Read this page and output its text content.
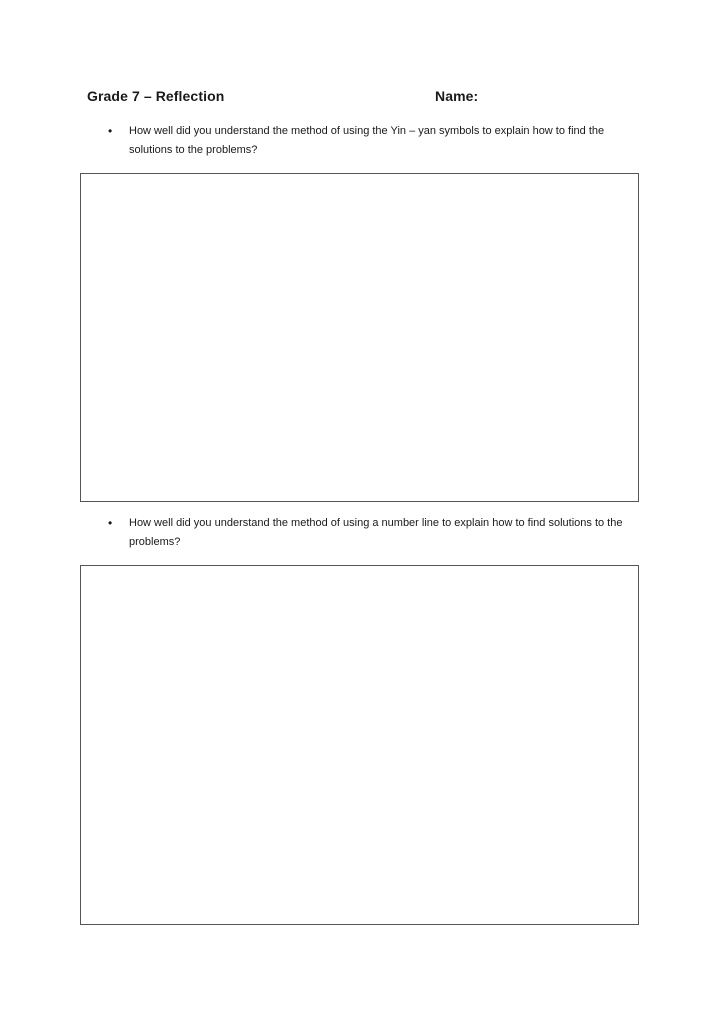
Grade 7 – Reflection	Name:
• How well did you understand the method of using the Yin – yan symbols to explain how to find the solutions to the problems?
• How well did you understand the method of using a number line to explain how to find solutions to the problems?
